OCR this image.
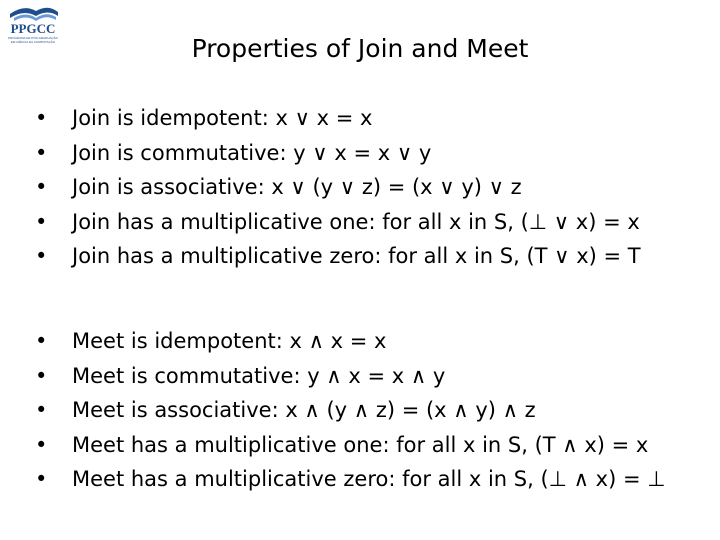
PPGCC
PROGRAMA DE PÓS-GRADUAÇÃO
EM CIÊNCIA DA COMPUTAÇÃO	Properties of Join and Meet
• Join is idempotent: x ∨ x = x
• Join is commutative: y ∨ x = x ∨ y
• Join is associative: x ∨ (y ∨ z) = (x ∨ y) ∨ z
• Join has a multiplicative one: for all x in S, (⊥ ∨ x) = x
• Join has a multiplicative zero: for all x in S, (T ∨ x) = T
• Meet is idempotent: x ∧ x = x
• Meet is commutative: y ∧ x = x ∧ y
• Meet is associative: x ∧ (y ∧ z) = (x ∧ y) ∧ z
• Meet has a multiplicative one: for all x in S, (T ∧ x) = x
• Meet has a multiplicative zero: for all x in S, (⊥ ∧ x) = ⊥
